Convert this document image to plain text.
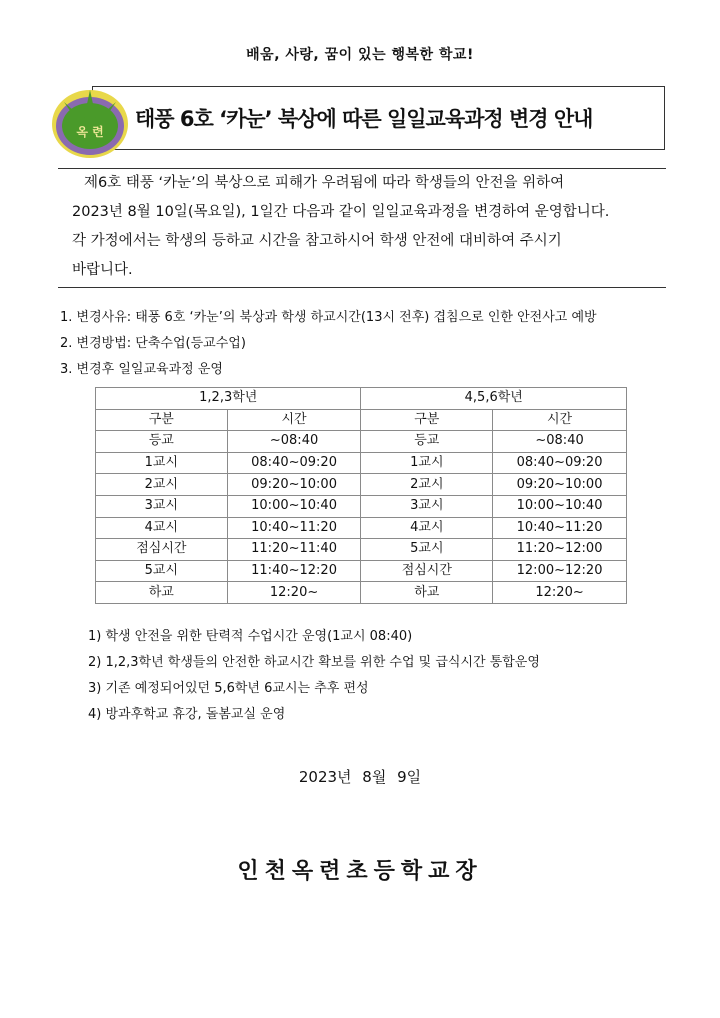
배움, 사랑, 꿈이 있는 행복한 학교!
태풍 6호 ‘카눈’ 북상에 따른 일일교육과정 변경 안내
옥 련
제6호 태풍 ‘카눈’의 북상으로 피해가 우려됨에 따라 학생들의 안전을 위하여
2023년 8월 10일(목요일), 1일간 다음과 같이 일일교육과정을 변경하여 운영합니다.
각 가정에서는 학생의 등하교 시간을 참고하시어 학생 안전에 대비하여 주시기
바랍니다.
1. 변경사유: 태풍 6호 ‘카눈’의 북상과 학생 하교시간(13시 전후) 겹침으로 인한 안전사고 예방
2. 변경방법: 단축수업(등교수업)
3. 변경후 일일교육과정 운영
1,2,3학년		4,5,6학년	
구분	시간	구분	시간
등교	~08:40	등교	~08:40
1교시	08:40~09:20	1교시	08:40~09:20
2교시	09:20~10:00	2교시	09:20~10:00
3교시	10:00~10:40	3교시	10:00~10:40
4교시	10:40~11:20	4교시	10:40~11:20
점심시간	11:20~11:40	5교시	11:20~12:00
5교시	11:40~12:20	점심시간	12:00~12:20
하교	12:20~	하교	12:20~
1) 학생 안전을 위한 탄력적 수업시간 운영(1교시 08:40)
2) 1,2,3학년 학생들의 안전한 하교시간 확보를 위한 수업 및 급식시간 통합운영
3) 기존 예정되어있던 5,6학년 6교시는 추후 편성
4) 방과후학교 휴강, 돌봄교실 운영
2023년 8월 9일
인천옥련초등학교장
